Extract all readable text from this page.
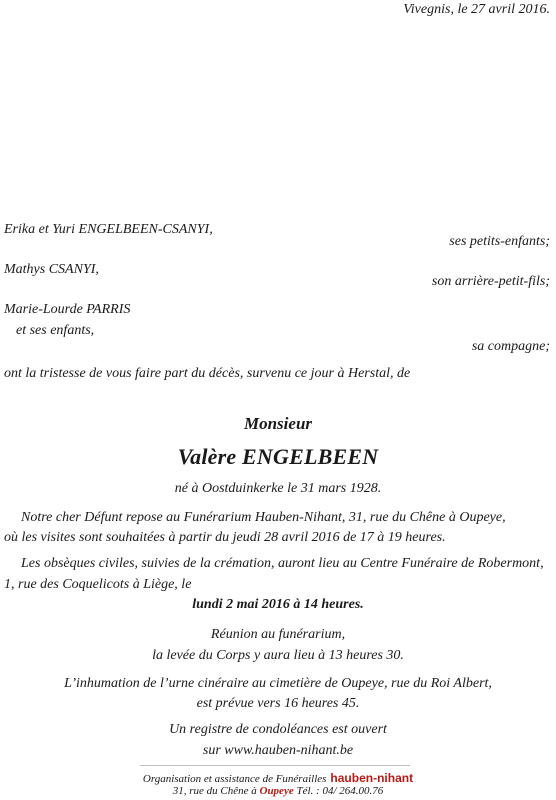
Vivegnis, le 27 avril 2016.
Erika et Yuri ENGELBEEN-CSANYI,
ses petits-enfants;
Mathys CSANYI,
son arrière-petit-fils;
Marie-Lourde PARRIS
et ses enfants,
sa compagne;
ont la tristesse de vous faire part du décès, survenu ce jour à Herstal, de
Monsieur
Valère ENGELBEEN
né à Oostduinkerke le 31 mars 1928.
Notre cher Défunt repose au Funérarium Hauben-Nihant, 31, rue du Chêne à Oupeye,
où les visites sont souhaitées à partir du jeudi 28 avril 2016 de 17 à 19 heures.
Les obsèques civiles, suivies de la crémation, auront lieu au Centre Funéraire de Robermont,
1, rue des Coquelicots à Liège, le
lundi 2 mai 2016 à 14 heures.
Réunion au funérarium,
la levée du Corps y aura lieu à 13 heures 30.
L’inhumation de l’urne cinéraire au cimetière de Oupeye, rue du Roi Albert,
est prévue vers 16 heures 45.
Un registre de condoléances est ouvert
sur www.hauben-nihant.be
Organisation et assistance de Funérailles hauben-nihant
31, rue du Chêne à Oupeye Tél. : 04/ 264.00.76
